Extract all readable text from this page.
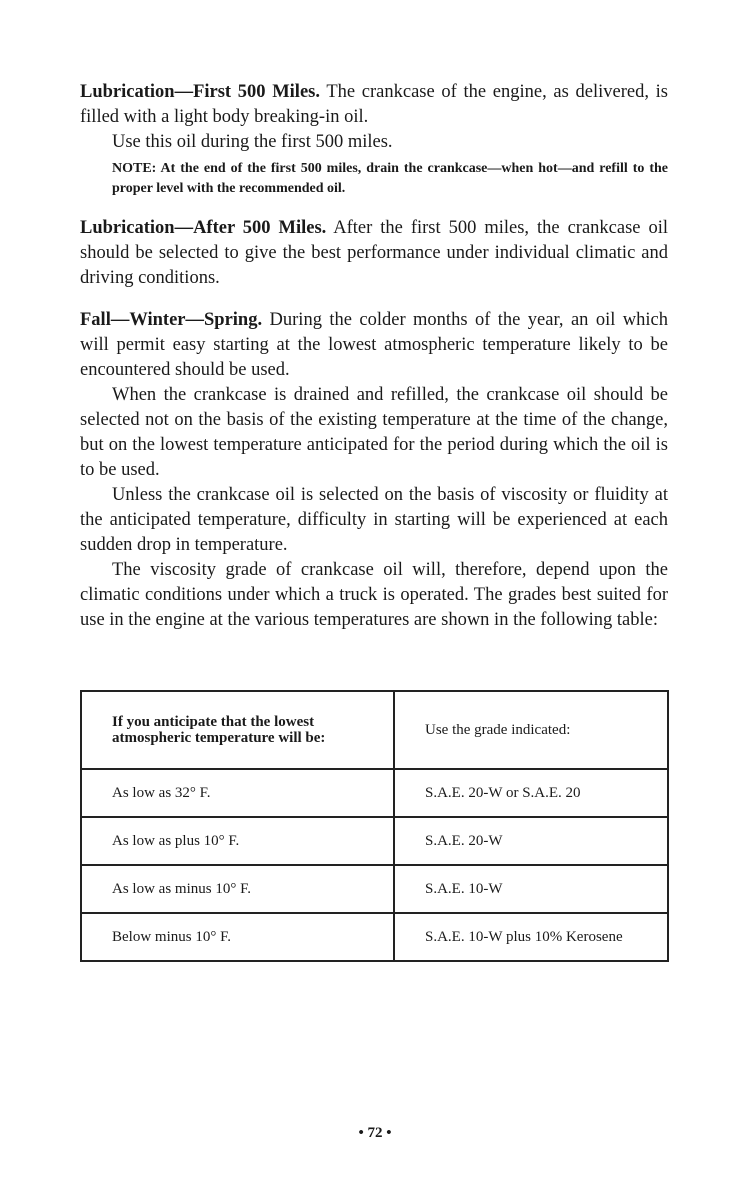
Lubrication—First 500 Miles. The crankcase of the engine, as delivered, is filled with a light body breaking-in oil.

Use this oil during the first 500 miles.

NOTE: At the end of the first 500 miles, drain the crankcase—when hot—and refill to the proper level with the recommended oil.

Lubrication—After 500 Miles. After the first 500 miles, the crankcase oil should be selected to give the best performance under individual climatic and driving conditions.

Fall—Winter—Spring. During the colder months of the year, an oil which will permit easy starting at the lowest atmospheric temperature likely to be encountered should be used.

When the crankcase is drained and refilled, the crankcase oil should be selected not on the basis of the existing temperature at the time of the change, but on the lowest temperature anticipated for the period during which the oil is to be used.

Unless the crankcase oil is selected on the basis of viscosity or fluidity at the anticipated temperature, difficulty in starting will be experienced at each sudden drop in temperature.

The viscosity grade of crankcase oil will, therefore, depend upon the climatic conditions under which a truck is operated. The grades best suited for use in the engine at the various temperatures are shown in the following table:

If you anticipate that the lowest atmospheric temperature will be:	Use the grade indicated:
As low as 32° F.	S.A.E. 20-W or S.A.E. 20
As low as plus 10° F.	S.A.E. 20-W
As low as minus 10° F.	S.A.E. 10-W
Below minus 10° F.	S.A.E. 10-W plus 10% Kerosene
• 72 •
